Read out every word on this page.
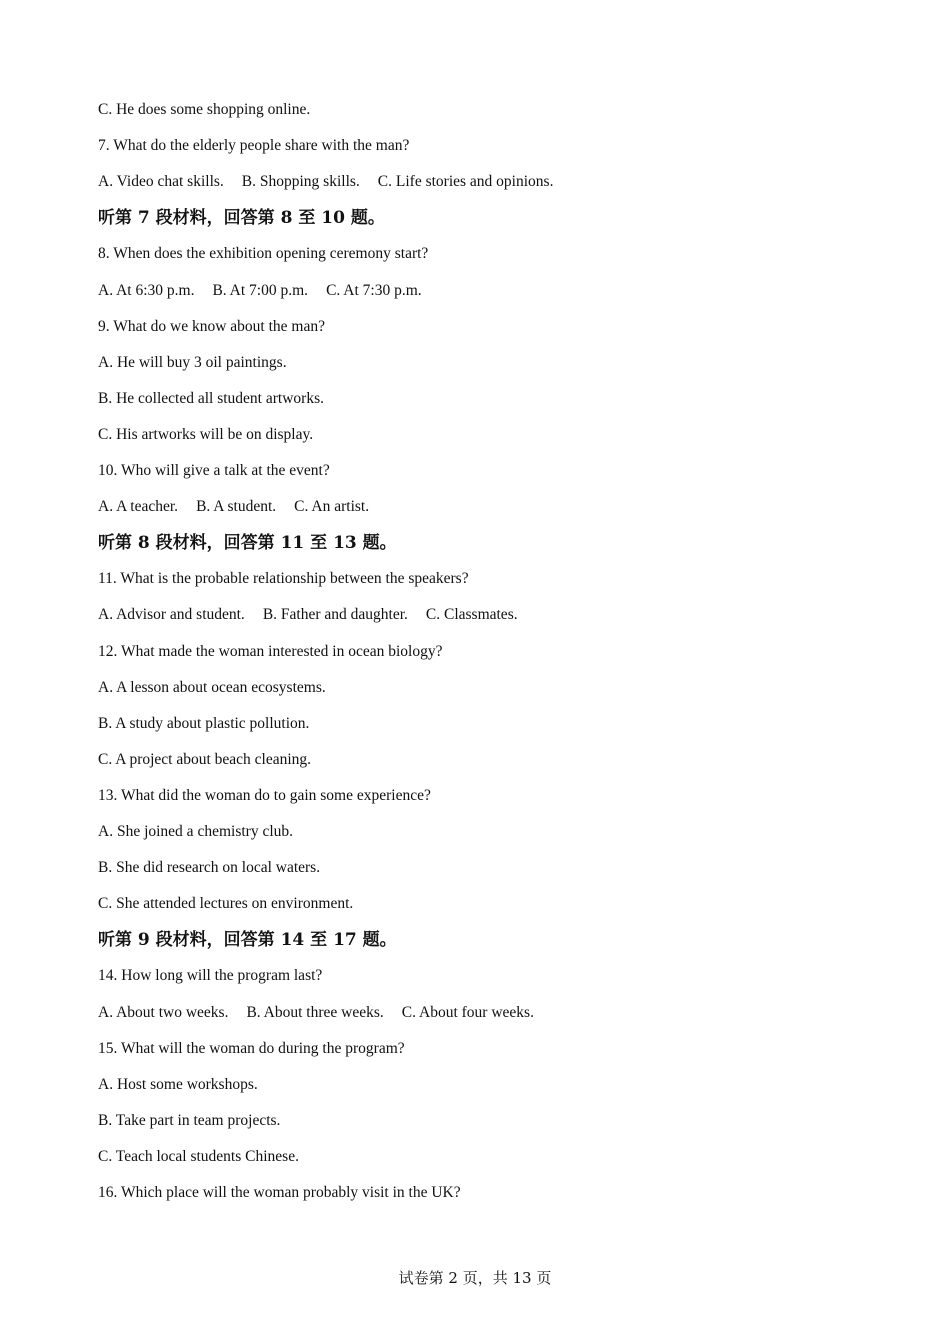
C. He does some shopping online.
7. What do the elderly people share with the man?
A. Video chat skills. B. Shopping skills. C. Life stories and opinions.
听第 7 段材料，回答第 8 至 10 题。
8. When does the exhibition opening ceremony start?
A. At 6:30 p.m. B. At 7:00 p.m. C. At 7:30 p.m.
9. What do we know about the man?
A. He will buy 3 oil paintings.
B. He collected all student artworks.
C. His artworks will be on display.
10. Who will give a talk at the event?
A. A teacher. B. A student. C. An artist.
听第 8 段材料，回答第 11 至 13 题。
11. What is the probable relationship between the speakers?
A. Advisor and student. B. Father and daughter. C. Classmates.
12. What made the woman interested in ocean biology?
A. A lesson about ocean ecosystems.
B. A study about plastic pollution.
C. A project about beach cleaning.
13. What did the woman do to gain some experience?
A. She joined a chemistry club.
B. She did research on local waters.
C. She attended lectures on environment.
听第 9 段材料，回答第 14 至 17 题。
14. How long will the program last?
A. About two weeks. B. About three weeks. C. About four weeks.
15. What will the woman do during the program?
A. Host some workshops.
B. Take part in team projects.
C. Teach local students Chinese.
16. Which place will the woman probably visit in the UK?
试卷第 2 页，共 13 页
